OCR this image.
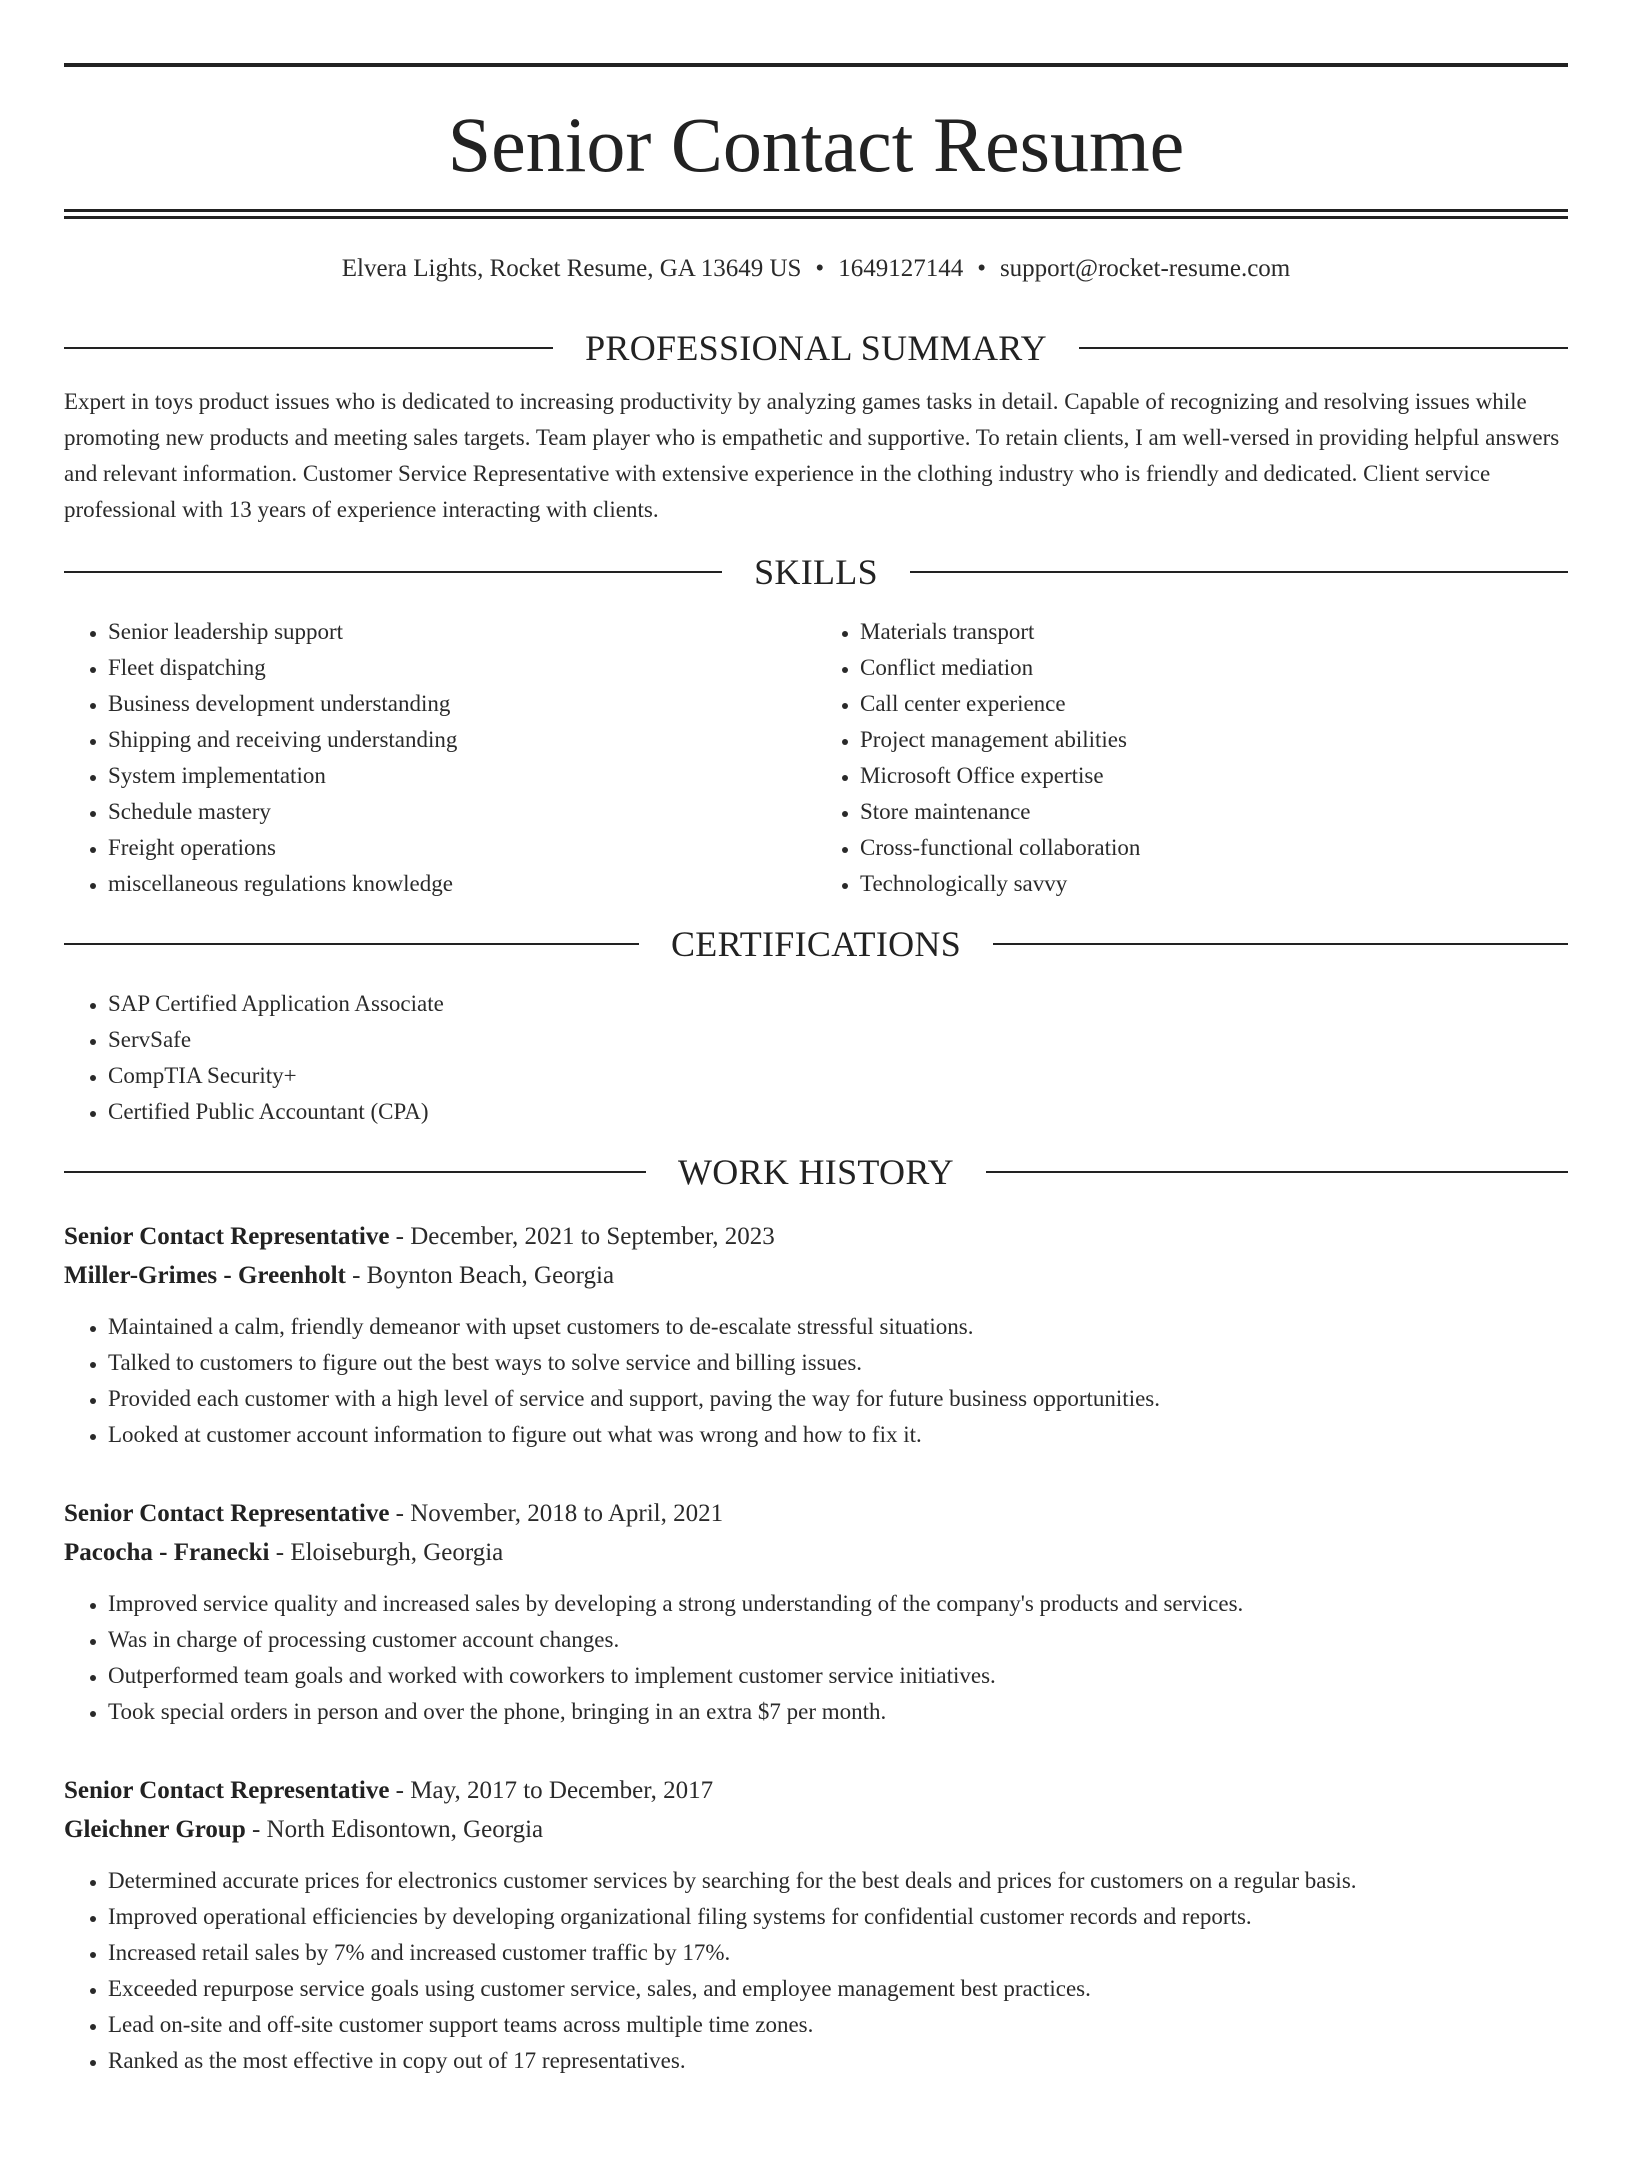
Senior Contact Resume
Elvera Lights, Rocket Resume, GA 13649 US • 1649127144 • support@rocket-resume.com
PROFESSIONAL SUMMARY
Expert in toys product issues who is dedicated to increasing productivity by analyzing games tasks in detail. Capable of recognizing and resolving issues while promoting new products and meeting sales targets. Team player who is empathetic and supportive. To retain clients, I am well-versed in providing helpful answers and relevant information. Customer Service Representative with extensive experience in the clothing industry who is friendly and dedicated. Client service professional with 13 years of experience interacting with clients.
SKILLS
• Senior leadership support
• Fleet dispatching
• Business development understanding
• Shipping and receiving understanding
• System implementation
• Schedule mastery
• Freight operations
• miscellaneous regulations knowledge
• Materials transport
• Conflict mediation
• Call center experience
• Project management abilities
• Microsoft Office expertise
• Store maintenance
• Cross-functional collaboration
• Technologically savvy
CERTIFICATIONS
• SAP Certified Application Associate
• ServSafe
• CompTIA Security+
• Certified Public Accountant (CPA)
WORK HISTORY
Senior Contact Representative - December, 2021 to September, 2023
Miller-Grimes - Greenholt - Boynton Beach, Georgia
• Maintained a calm, friendly demeanor with upset customers to de-escalate stressful situations.
• Talked to customers to figure out the best ways to solve service and billing issues.
• Provided each customer with a high level of service and support, paving the way for future business opportunities.
• Looked at customer account information to figure out what was wrong and how to fix it.
Senior Contact Representative - November, 2018 to April, 2021
Pacocha - Franecki - Eloiseburgh, Georgia
• Improved service quality and increased sales by developing a strong understanding of the company's products and services.
• Was in charge of processing customer account changes.
• Outperformed team goals and worked with coworkers to implement customer service initiatives.
• Took special orders in person and over the phone, bringing in an extra $7 per month.
Senior Contact Representative - May, 2017 to December, 2017
Gleichner Group - North Edisontown, Georgia
• Determined accurate prices for electronics customer services by searching for the best deals and prices for customers on a regular basis.
• Improved operational efficiencies by developing organizational filing systems for confidential customer records and reports.
• Increased retail sales by 7% and increased customer traffic by 17%.
• Exceeded repurpose service goals using customer service, sales, and employee management best practices.
• Lead on-site and off-site customer support teams across multiple time zones.
• Ranked as the most effective in copy out of 17 representatives.
